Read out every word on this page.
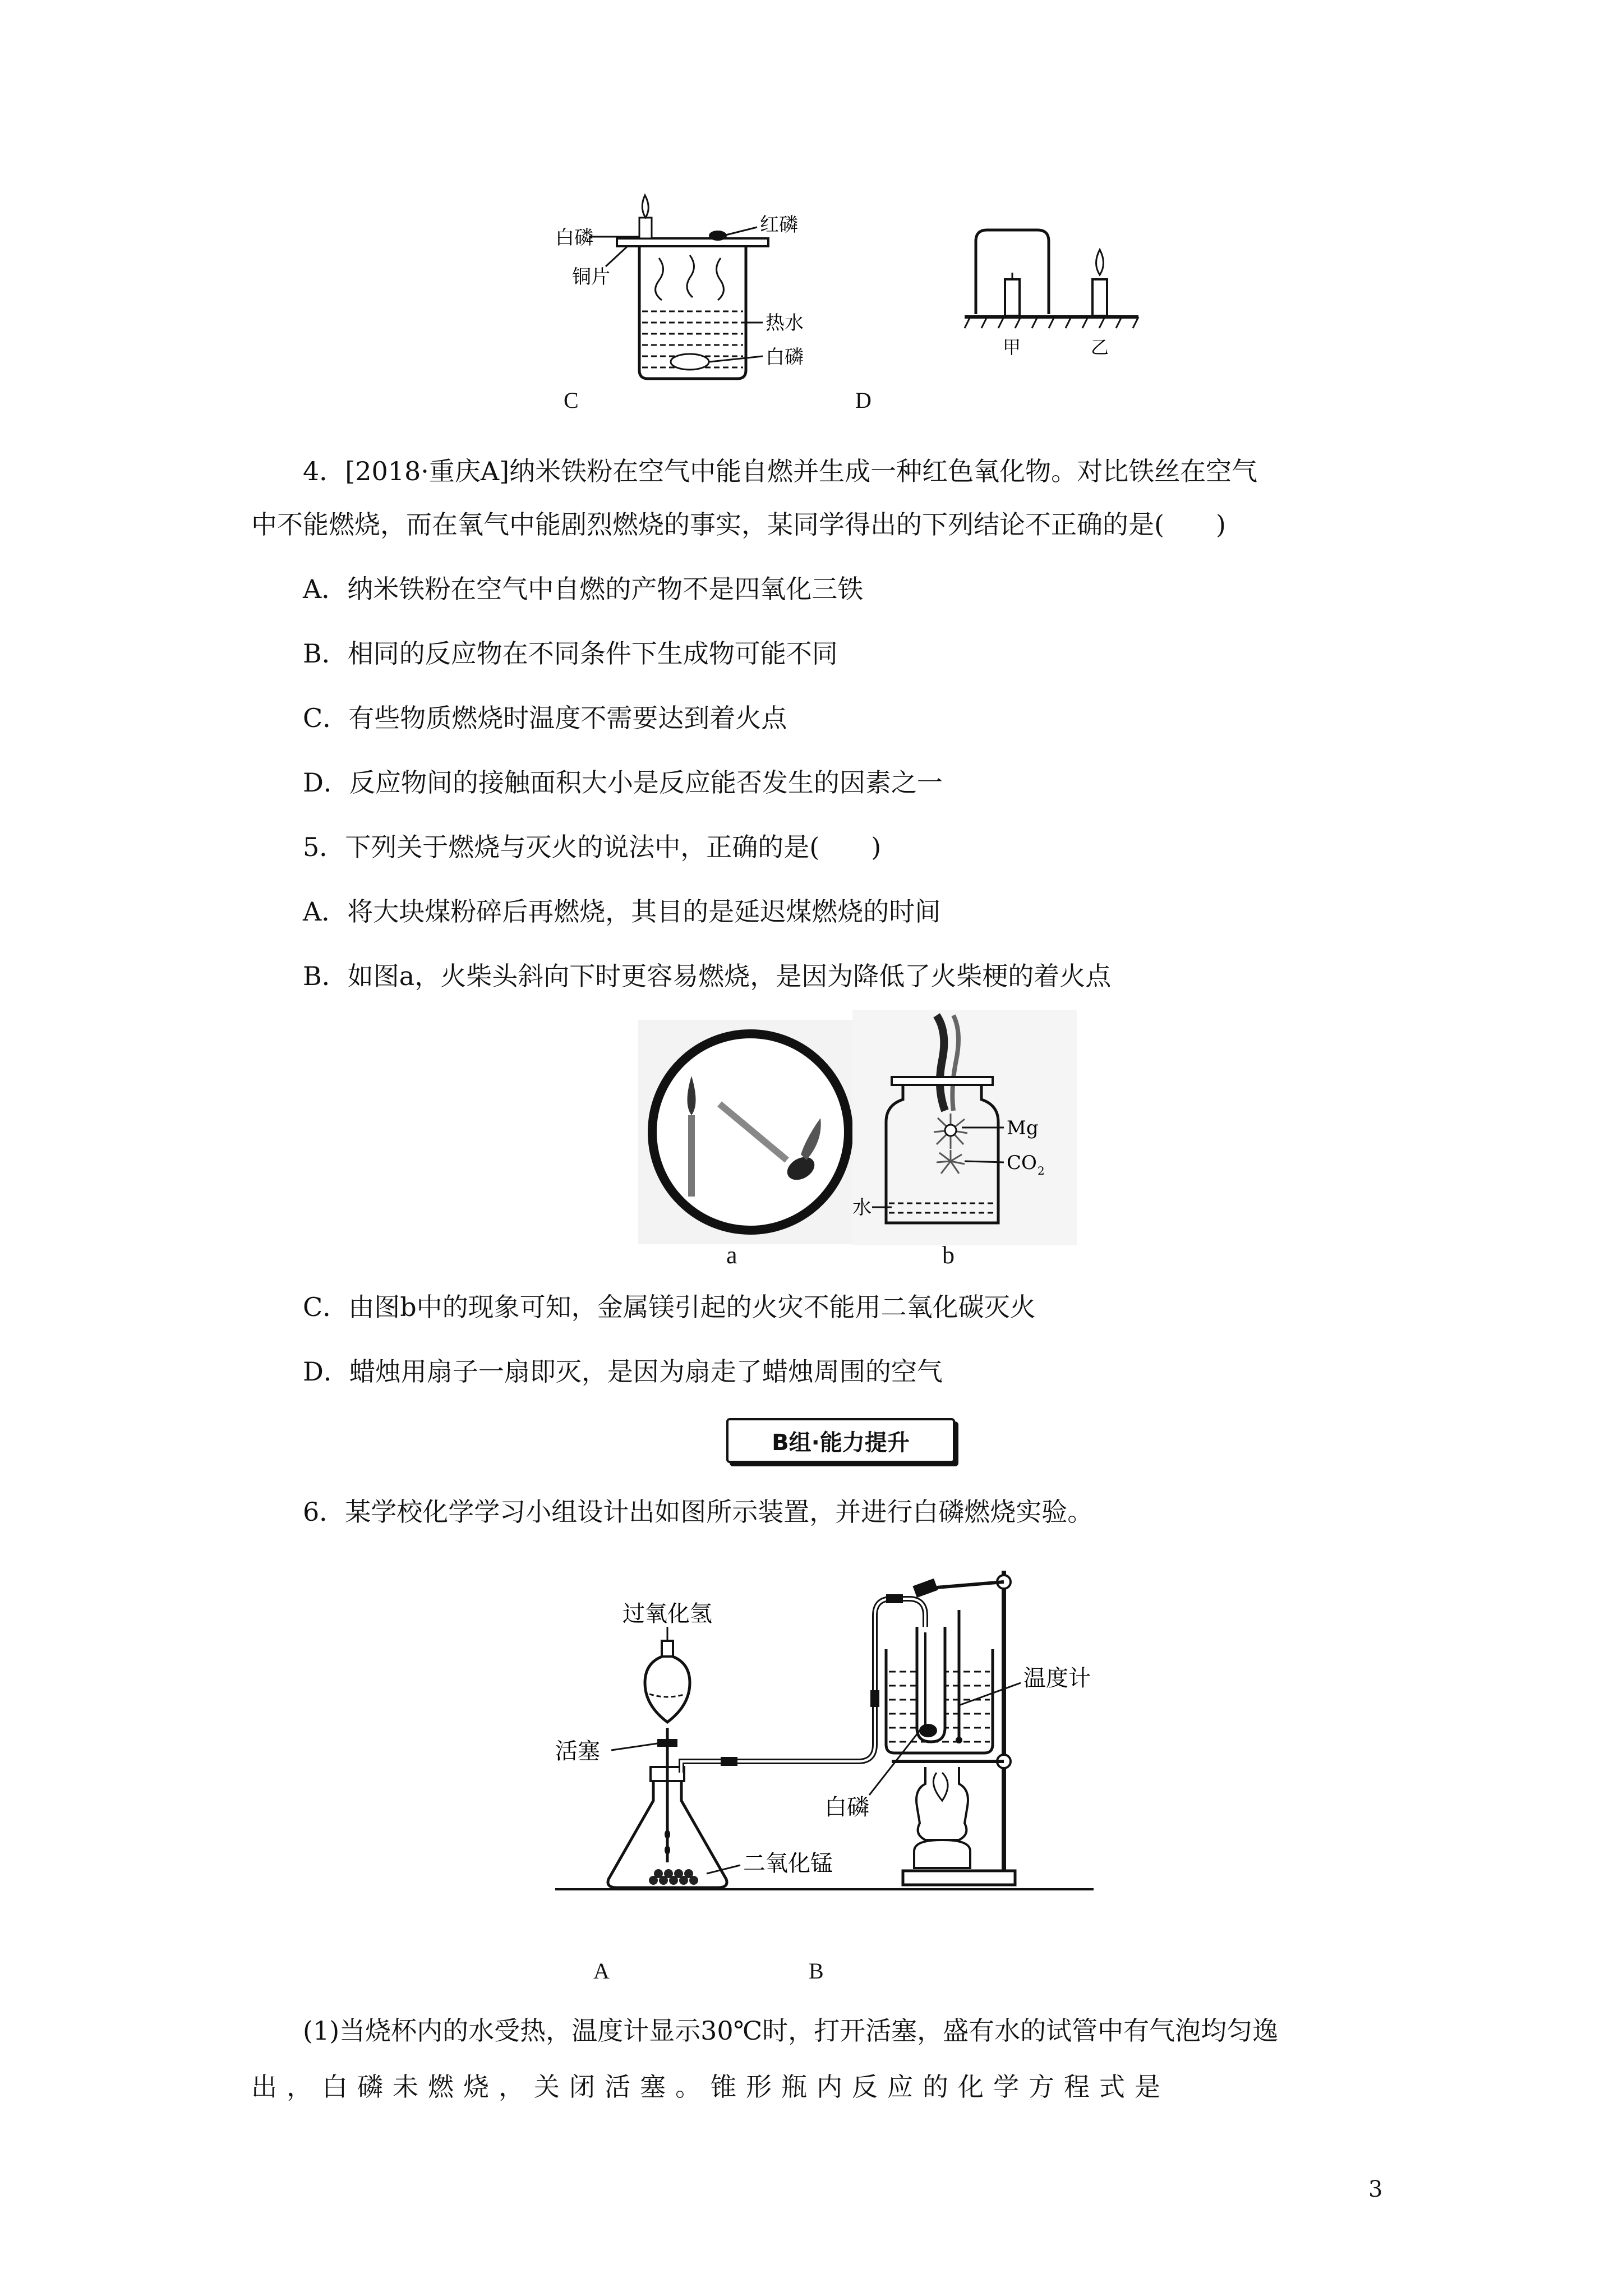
白磷
红磷
铜片
热水
白磷
C
甲	乙
D
4．[2018·重庆A]纳米铁粉在空气中能自燃并生成一种红色氧化物。对比铁丝在空气
中不能燃烧，而在氧气中能剧烈燃烧的事实，某同学得出的下列结论不正确的是(　　)
A．纳米铁粉在空气中自燃的产物不是四氧化三铁
B．相同的反应物在不同条件下生成物可能不同
C．有些物质燃烧时温度不需要达到着火点
D．反应物间的接触面积大小是反应能否发生的因素之一
5．下列关于燃烧与灭火的说法中，正确的是(　　)
A．将大块煤粉碎后再燃烧，其目的是延迟煤燃烧的时间
B．如图a，火柴头斜向下时更容易燃烧，是因为降低了火柴梗的着火点
Mg
CO 2
水
a	b
C．由图b中的现象可知，金属镁引起的火灾不能用二氧化碳灭火
D．蜡烛用扇子一扇即灭，是因为扇走了蜡烛周围的空气
B组·能力提升
6．某学校化学学习小组设计出如图所示装置，并进行白磷燃烧实验。
过氧化氢
活塞
二氧化锰
温度计
白磷
A	B
(1)当烧杯内的水受热，温度计显示30℃时，打开活塞，盛有水的试管中有气泡均匀逸
出，白磷未燃烧，关闭活塞。锥形瓶内反应的化学方程式是
3
